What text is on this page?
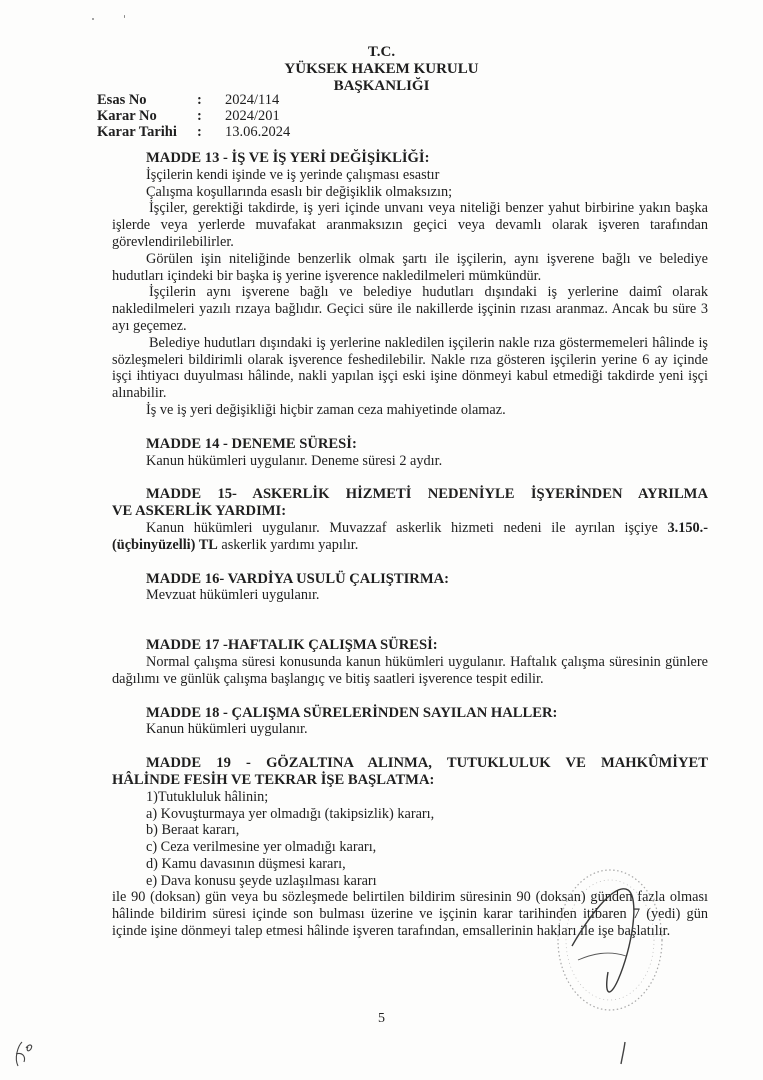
T.C.
YÜKSEK HAKEM KURULU
BAŞKANLIĞI
Esas No	:	2024/114
Karar No	:	2024/201
Karar Tarihi	:	13.06.2024

MADDE 13 - İŞ VE İŞ YERİ DEĞİŞİKLİĞİ:

İşçilerin kendi işinde ve iş yerinde çalışması esastır

Çalışma koşullarında esaslı bir değişiklik olmaksızın;

İşçiler, gerektiği takdirde, iş yeri içinde unvanı veya niteliği benzer yahut birbirine yakın başka işlerde veya yerlerde muvafakat aranmaksızın geçici veya devamlı olarak işveren tarafından görevlendirilebilirler.

Görülen işin niteliğinde benzerlik olmak şartı ile işçilerin, aynı işverene bağlı ve belediye hudutları içindeki bir başka iş yerine işverence nakledilmeleri mümkündür.

İşçilerin aynı işverene bağlı ve belediye hudutları dışındaki iş yerlerine daimî olarak nakledilmeleri yazılı rızaya bağlıdır. Geçici süre ile nakillerde işçinin rızası aranmaz. Ancak bu süre 3 ayı geçemez.

Belediye hudutları dışındaki iş yerlerine nakledilen işçilerin nakle rıza göstermemeleri hâlinde iş sözleşmeleri bildirimli olarak işverence feshedilebilir. Nakle rıza gösteren işçilerin yerine 6 ay içinde işçi ihtiyacı duyulması hâlinde, nakli yapılan işçi eski işine dönmeyi kabul etmediği takdirde yeni işçi alınabilir.

İş ve iş yeri değişikliği hiçbir zaman ceza mahiyetinde olamaz.

MADDE 14 - DENEME SÜRESİ:

Kanun hükümleri uygulanır. Deneme süresi 2 aydır.

MADDE 15- ASKERLİK HİZMETİ NEDENİYLE İŞYERİNDEN AYRILMA

VE ASKERLİK YARDIMI:

Kanun hükümleri uygulanır. Muvazzaf askerlik hizmeti nedeni ile ayrılan işçiye 3.150.- (üçbinyüzelli) TL askerlik yardımı yapılır.

MADDE 16- VARDİYA USULÜ ÇALIŞTIRMA:

Mevzuat hükümleri uygulanır.

MADDE 17 -HAFTALIK ÇALIŞMA SÜRESİ:

Normal çalışma süresi konusunda kanun hükümleri uygulanır. Haftalık çalışma süresinin günlere dağılımı ve günlük çalışma başlangıç ve bitiş saatleri işverence tespit edilir.

MADDE 18 - ÇALIŞMA SÜRELERİNDEN SAYILAN HALLER:

Kanun hükümleri uygulanır.

MADDE 19 - GÖZALTINA ALINMA, TUTUKLULUK VE MAHKÛMİYET

HÂLİNDE FESİH VE TEKRAR İŞE BAŞLATMA:

1)Tutukluluk hâlinin;

a) Kovuşturmaya yer olmadığı (takipsizlik) kararı,

b) Beraat kararı,

c) Ceza verilmesine yer olmadığı kararı,

d) Kamu davasının düşmesi kararı,

e) Dava konusu şeyde uzlaşılması kararı

ile 90 (doksan) gün veya bu sözleşmede belirtilen bildirim süresinin 90 (doksan) günden fazla olması hâlinde bildirim süresi içinde son bulması üzerine ve işçinin karar tarihinden itibaren 7 (yedi) gün içinde işine dönmeyi talep etmesi hâlinde işveren tarafından, emsallerinin hakları ile işe başlatılır.

5
